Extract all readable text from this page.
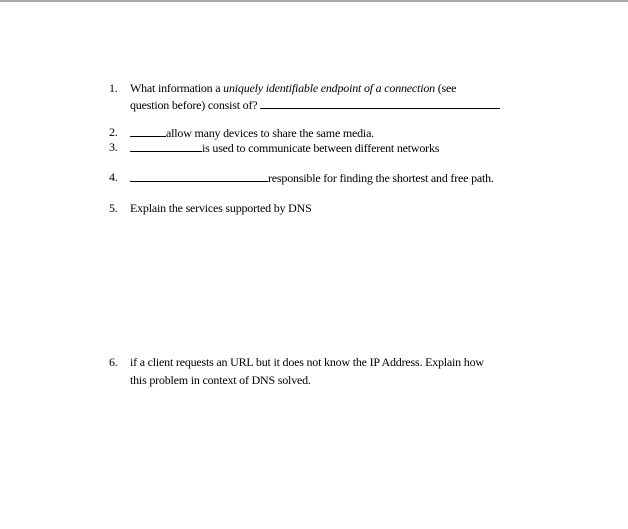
1. What information a uniquely identifiable endpoint of a connection (see
question before) consist of?
2.	allow many devices to share the same media.
3.	is used to communicate between different networks
4.	responsible for finding the shortest and free path.
5. Explain the services supported by DNS
6. if a client requests an URL but it does not know the IP Address. Explain how
this problem in context of DNS solved.
